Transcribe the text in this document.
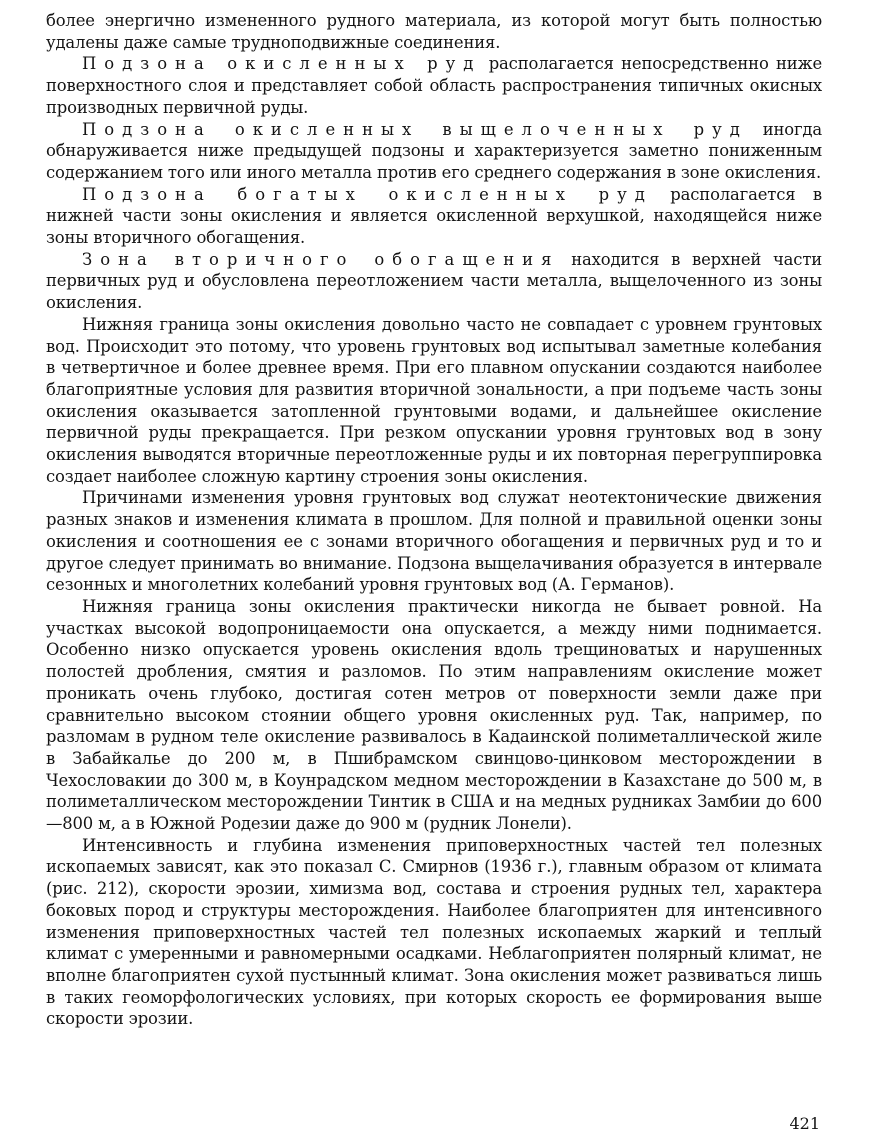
более энергично измененного рудного материала, из которой могут быть полностью удалены даже самые трудноподвижные соединения.

Подзона окисленных руд располагается непосредственно ниже поверхностного слоя и представляет собой область распространения типичных окисных производных первичной руды.

Подзона окисленных выщелоченных руд иногда обнаруживается ниже предыдущей подзоны и характеризуется заметно пониженным содержанием того или иного металла против его среднего содержания в зоне окисления.

Подзона богатых окисленных руд располагается в нижней части зоны окисления и является окисленной верхушкой, находящейся ниже зоны вторичного обогащения.

Зона вторичного обогащения находится в верхней части первичных руд и обусловлена переотложением части металла, выщелоченного из зоны окисления.

Нижняя граница зоны окисления довольно часто не совпадает с уровнем грунтовых вод. Происходит это потому, что уровень грунтовых вод испытывал заметные колебания в четвертичное и более древнее время. При его плавном опускании создаются наиболее благоприятные условия для развития вторичной зональности, а при подъеме часть зоны окисления оказывается затопленной грунтовыми водами, и дальнейшее окисление первичной руды прекращается. При резком опускании уровня грунтовых вод в зону окисления выводятся вторичные переотложенные руды и их повторная перегруппировка создает наиболее сложную картину строения зоны окисления.

Причинами изменения уровня грунтовых вод служат неотектонические движения разных знаков и изменения климата в прошлом. Для полной и правильной оценки зоны окисления и соотношения ее с зонами вторичного обогащения и первичных руд и то и другое следует принимать во внимание. Подзона выщелачивания образуется в интервале сезонных и многолетних колебаний уровня грунтовых вод (А. Германов).

Нижняя граница зоны окисления практически никогда не бывает ровной. На участках высокой водопроницаемости она опускается, а между ними поднимается. Особенно низко опускается уровень окисления вдоль трещиноватых и нарушенных полостей дробления, смятия и разломов. По этим направлениям окисление может проникать очень глубоко, достигая сотен метров от поверхности земли даже при сравнительно высоком стоянии общего уровня окисленных руд. Так, например, по разломам в рудном теле окисление развивалось в Кадаинской полиметаллической жиле в Забайкалье до 200 м, в Пшибрамском свинцово-цинковом месторождении в Чехословакии до 300 м, в Коунрадском медном месторождении в Казахстане до 500 м, в полиметаллическом месторождении Тинтик в США и на медных рудниках Замбии до 600—800 м, а в Южной Родезии даже до 900 м (рудник Лонели).

Интенсивность и глубина изменения приповерхностных частей тел полезных ископаемых зависят, как это показал С. Смирнов (1936 г.), главным образом от климата (рис. 212), скорости эрозии, химизма вод, состава и строения рудных тел, характера боковых пород и структуры месторождения. Наиболее благоприятен для интенсивного изменения приповерхностных частей тел полезных ископаемых жаркий и теплый климат с умеренными и равномерными осадками. Неблагоприятен полярный климат, не вполне благоприятен сухой пустынный климат. Зона окисления может развиваться лишь в таких геоморфологических условиях, при которых скорость ее формирования выше скорости эрозии.

421
